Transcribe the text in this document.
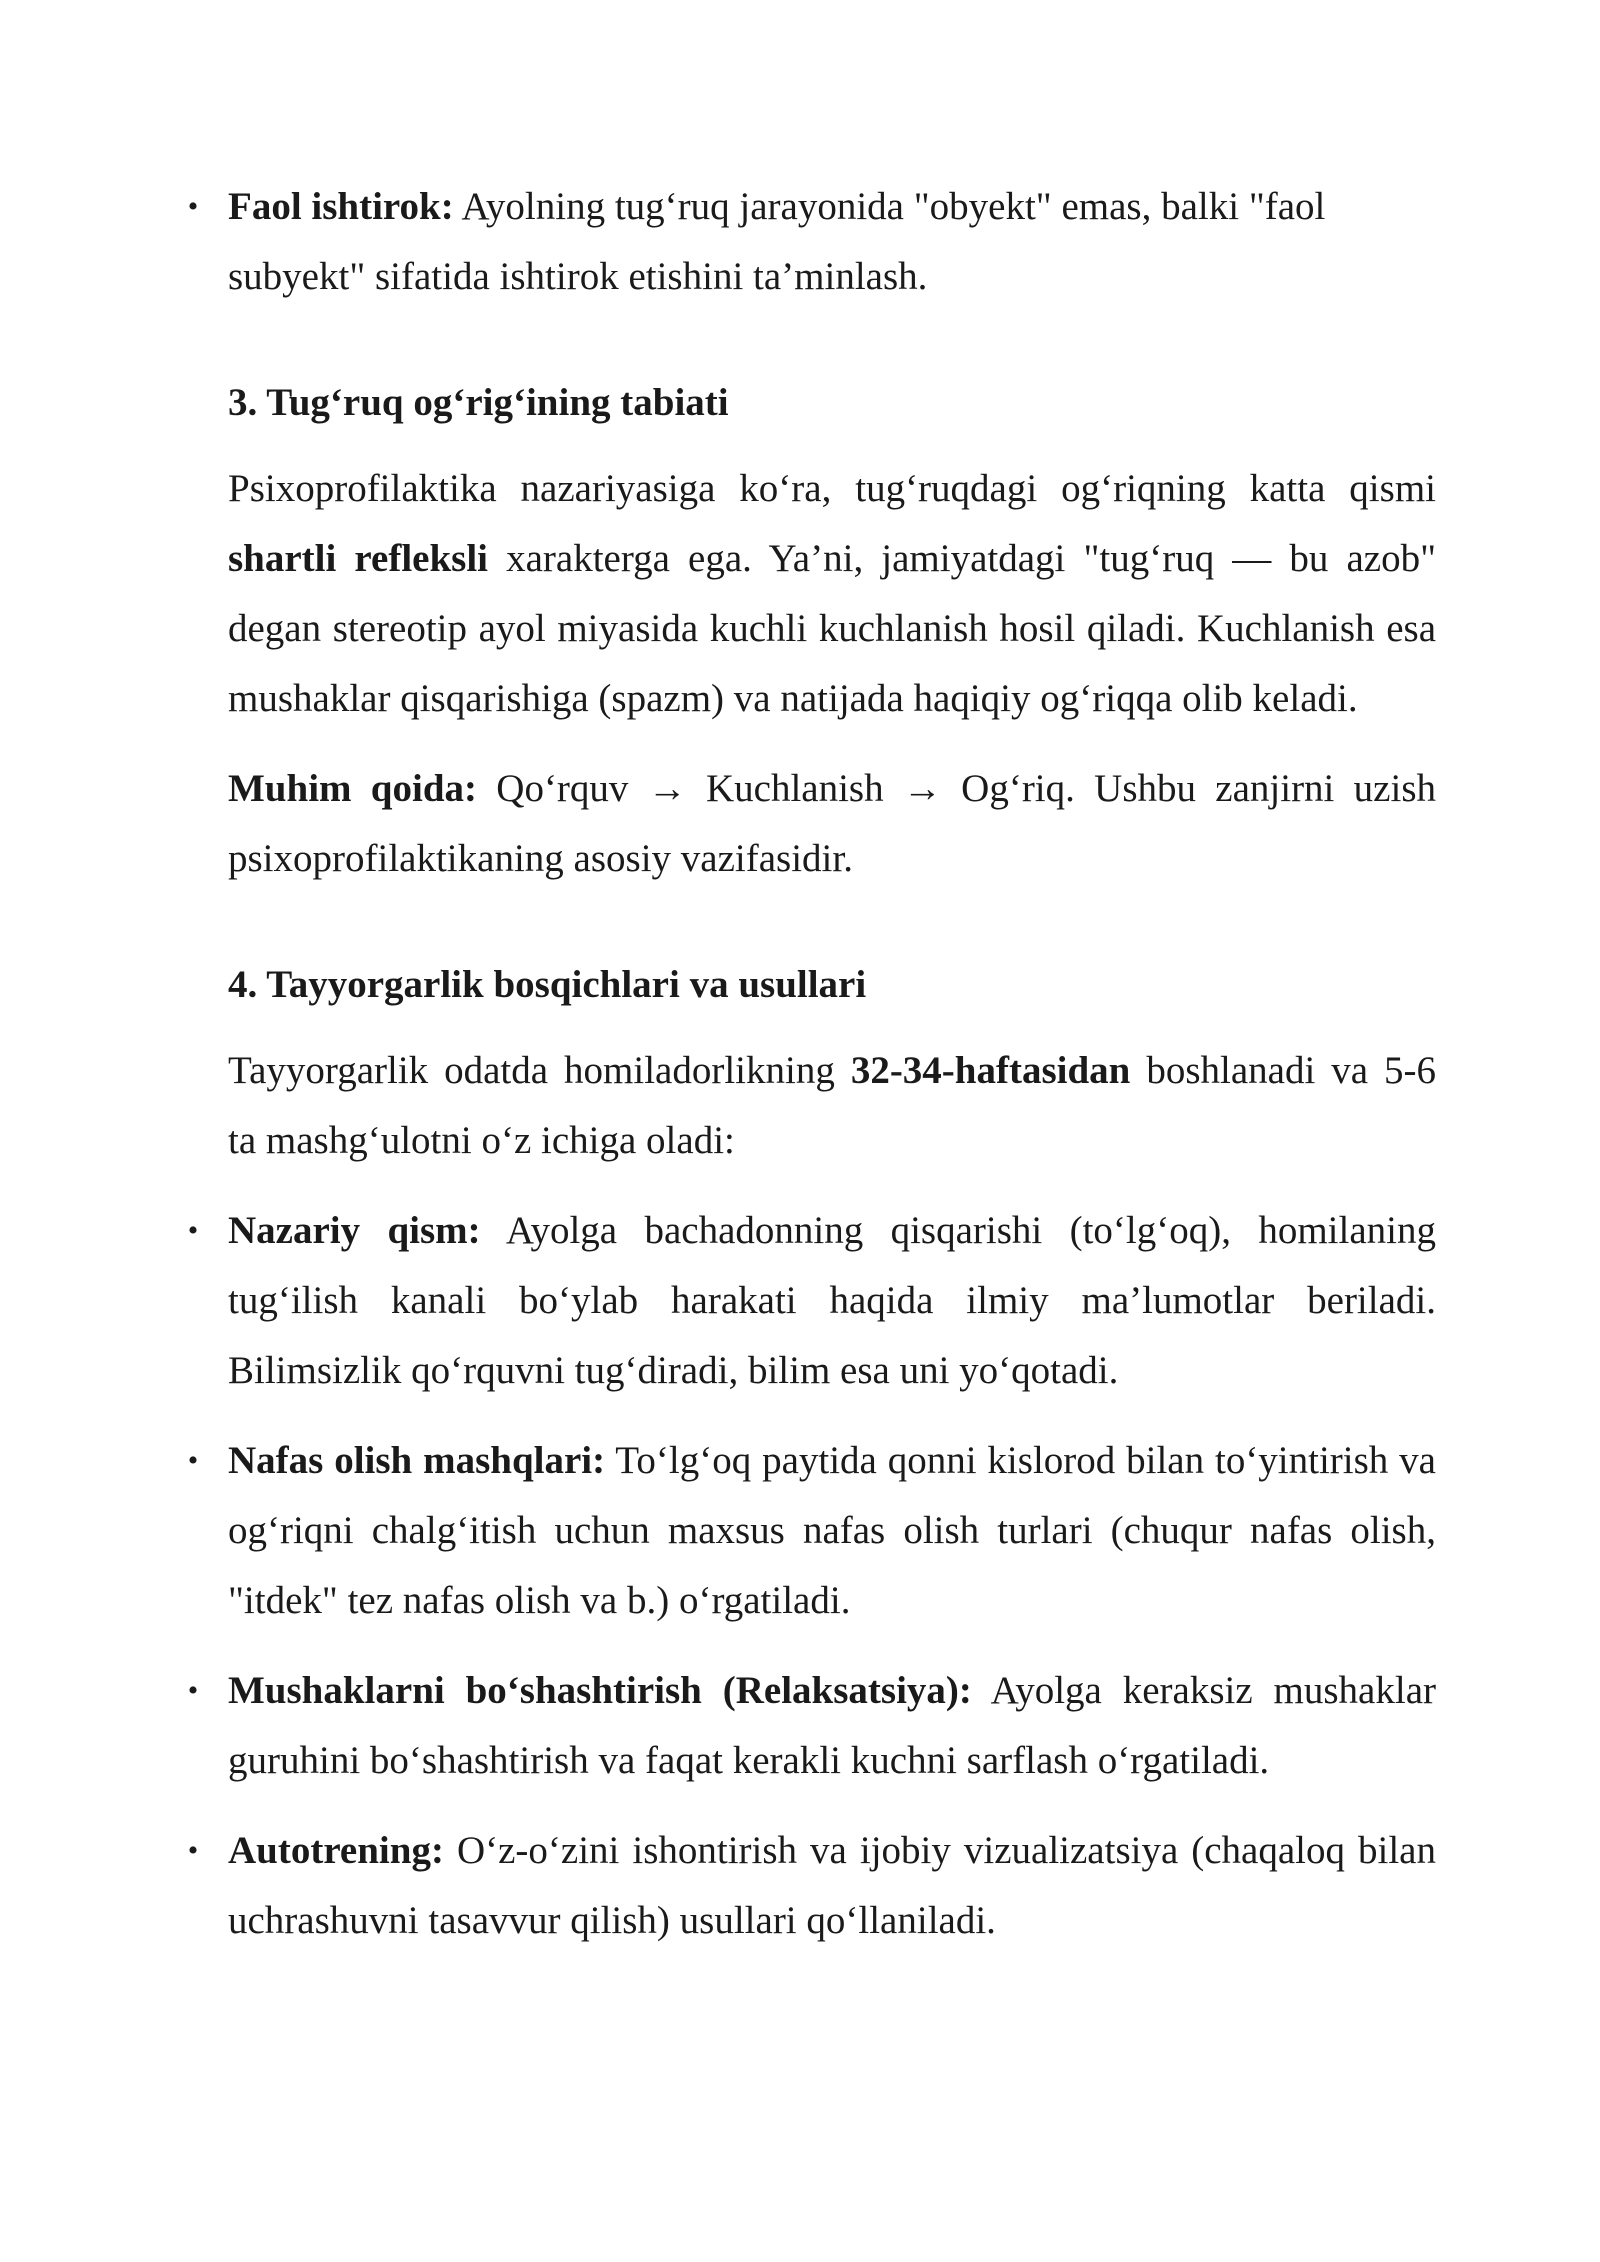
• Faol ishtirok: Ayolning tug‘ruq jarayonida "obyekt" emas, balki "faol subyekt" sifatida ishtirok etishini ta’minlash.
3. Tug‘ruq og‘rig‘ining tabiati

Psixoprofilaktika nazariyasiga ko‘ra, tug‘ruqdagi og‘riqning katta qismi shartli refleksli xarakterga ega. Ya’ni, jamiyatdagi "tug‘ruq — bu azob" degan stereotip ayol miyasida kuchli kuchlanish hosil qiladi. Kuchlanish esa mushaklar qisqarishiga (spazm) va natijada haqiqiy og‘riqqa olib keladi.

Muhim qoida: Qo‘rquv → Kuchlanish → Og‘riq. Ushbu zanjirni uzish psixoprofilaktikaning asosiy vazifasidir.

4. Tayyorgarlik bosqichlari va usullari

Tayyorgarlik odatda homiladorlikning 32-34-haftasidan boshlanadi va 5-6 ta mashg‘ulotni o‘z ichiga oladi:

• Nazariy qism: Ayolga bachadonning qisqarishi (to‘lg‘oq), homilaning tug‘ilish kanali bo‘ylab harakati haqida ilmiy ma’lumotlar beriladi. Bilimsizlik qo‘rquvni tug‘diradi, bilim esa uni yo‘qotadi.
• Nafas olish mashqlari: To‘lg‘oq paytida qonni kislorod bilan to‘yintirish va og‘riqni chalg‘itish uchun maxsus nafas olish turlari (chuqur nafas olish, "itdek" tez nafas olish va b.) o‘rgatiladi.
• Mushaklarni bo‘shashtirish (Relaksatsiya): Ayolga keraksiz mushaklar guruhini bo‘shashtirish va faqat kerakli kuchni sarflash o‘rgatiladi.
• Autotrening: O‘z-o‘zini ishontirish va ijobiy vizualizatsiya (chaqaloq bilan uchrashuvni tasavvur qilish) usullari qo‘llaniladi.
